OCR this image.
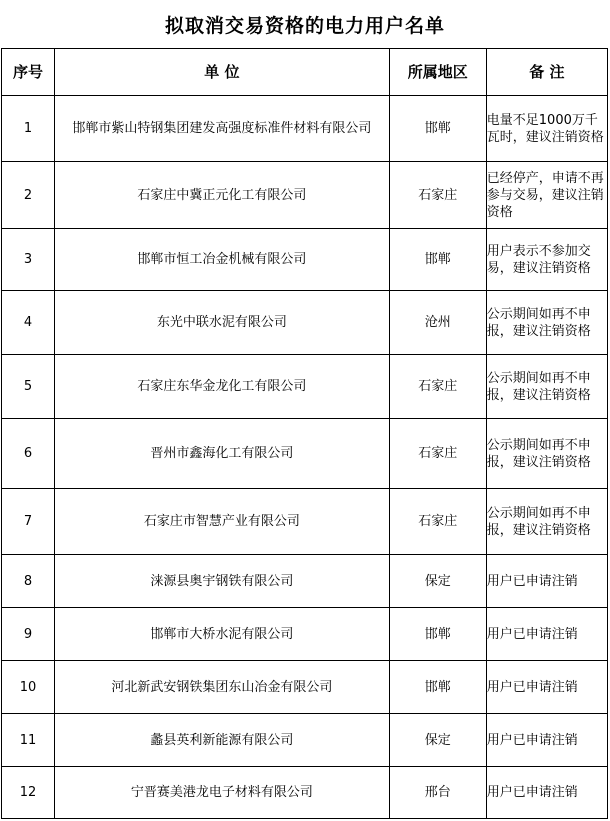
拟取消交易资格的电力用户名单
序号	单 位	所属地区	备 注
1	邯郸市紫山特钢集团建发高强度标准件材料有限公司	邯郸	电量不足1000万千瓦时，建议注销资格
2	石家庄中冀正元化工有限公司	石家庄	已经停产，申请不再参与交易，建议注销资格
3	邯郸市恒工冶金机械有限公司	邯郸	用户表示不参加交易，建议注销资格
4	东光中联水泥有限公司	沧州	公示期间如再不申报，建议注销资格
5	石家庄东华金龙化工有限公司	石家庄	公示期间如再不申报，建议注销资格
6	晋州市鑫海化工有限公司	石家庄	公示期间如再不申报，建议注销资格
7	石家庄市智慧产业有限公司	石家庄	公示期间如再不申报，建议注销资格
8	涞源县奥宇钢铁有限公司	保定	用户已申请注销
9	邯郸市大桥水泥有限公司	邯郸	用户已申请注销
10	河北新武安钢铁集团东山冶金有限公司	邯郸	用户已申请注销
11	蠡县英利新能源有限公司	保定	用户已申请注销
12	宁晋赛美港龙电子材料有限公司	邢台	用户已申请注销
